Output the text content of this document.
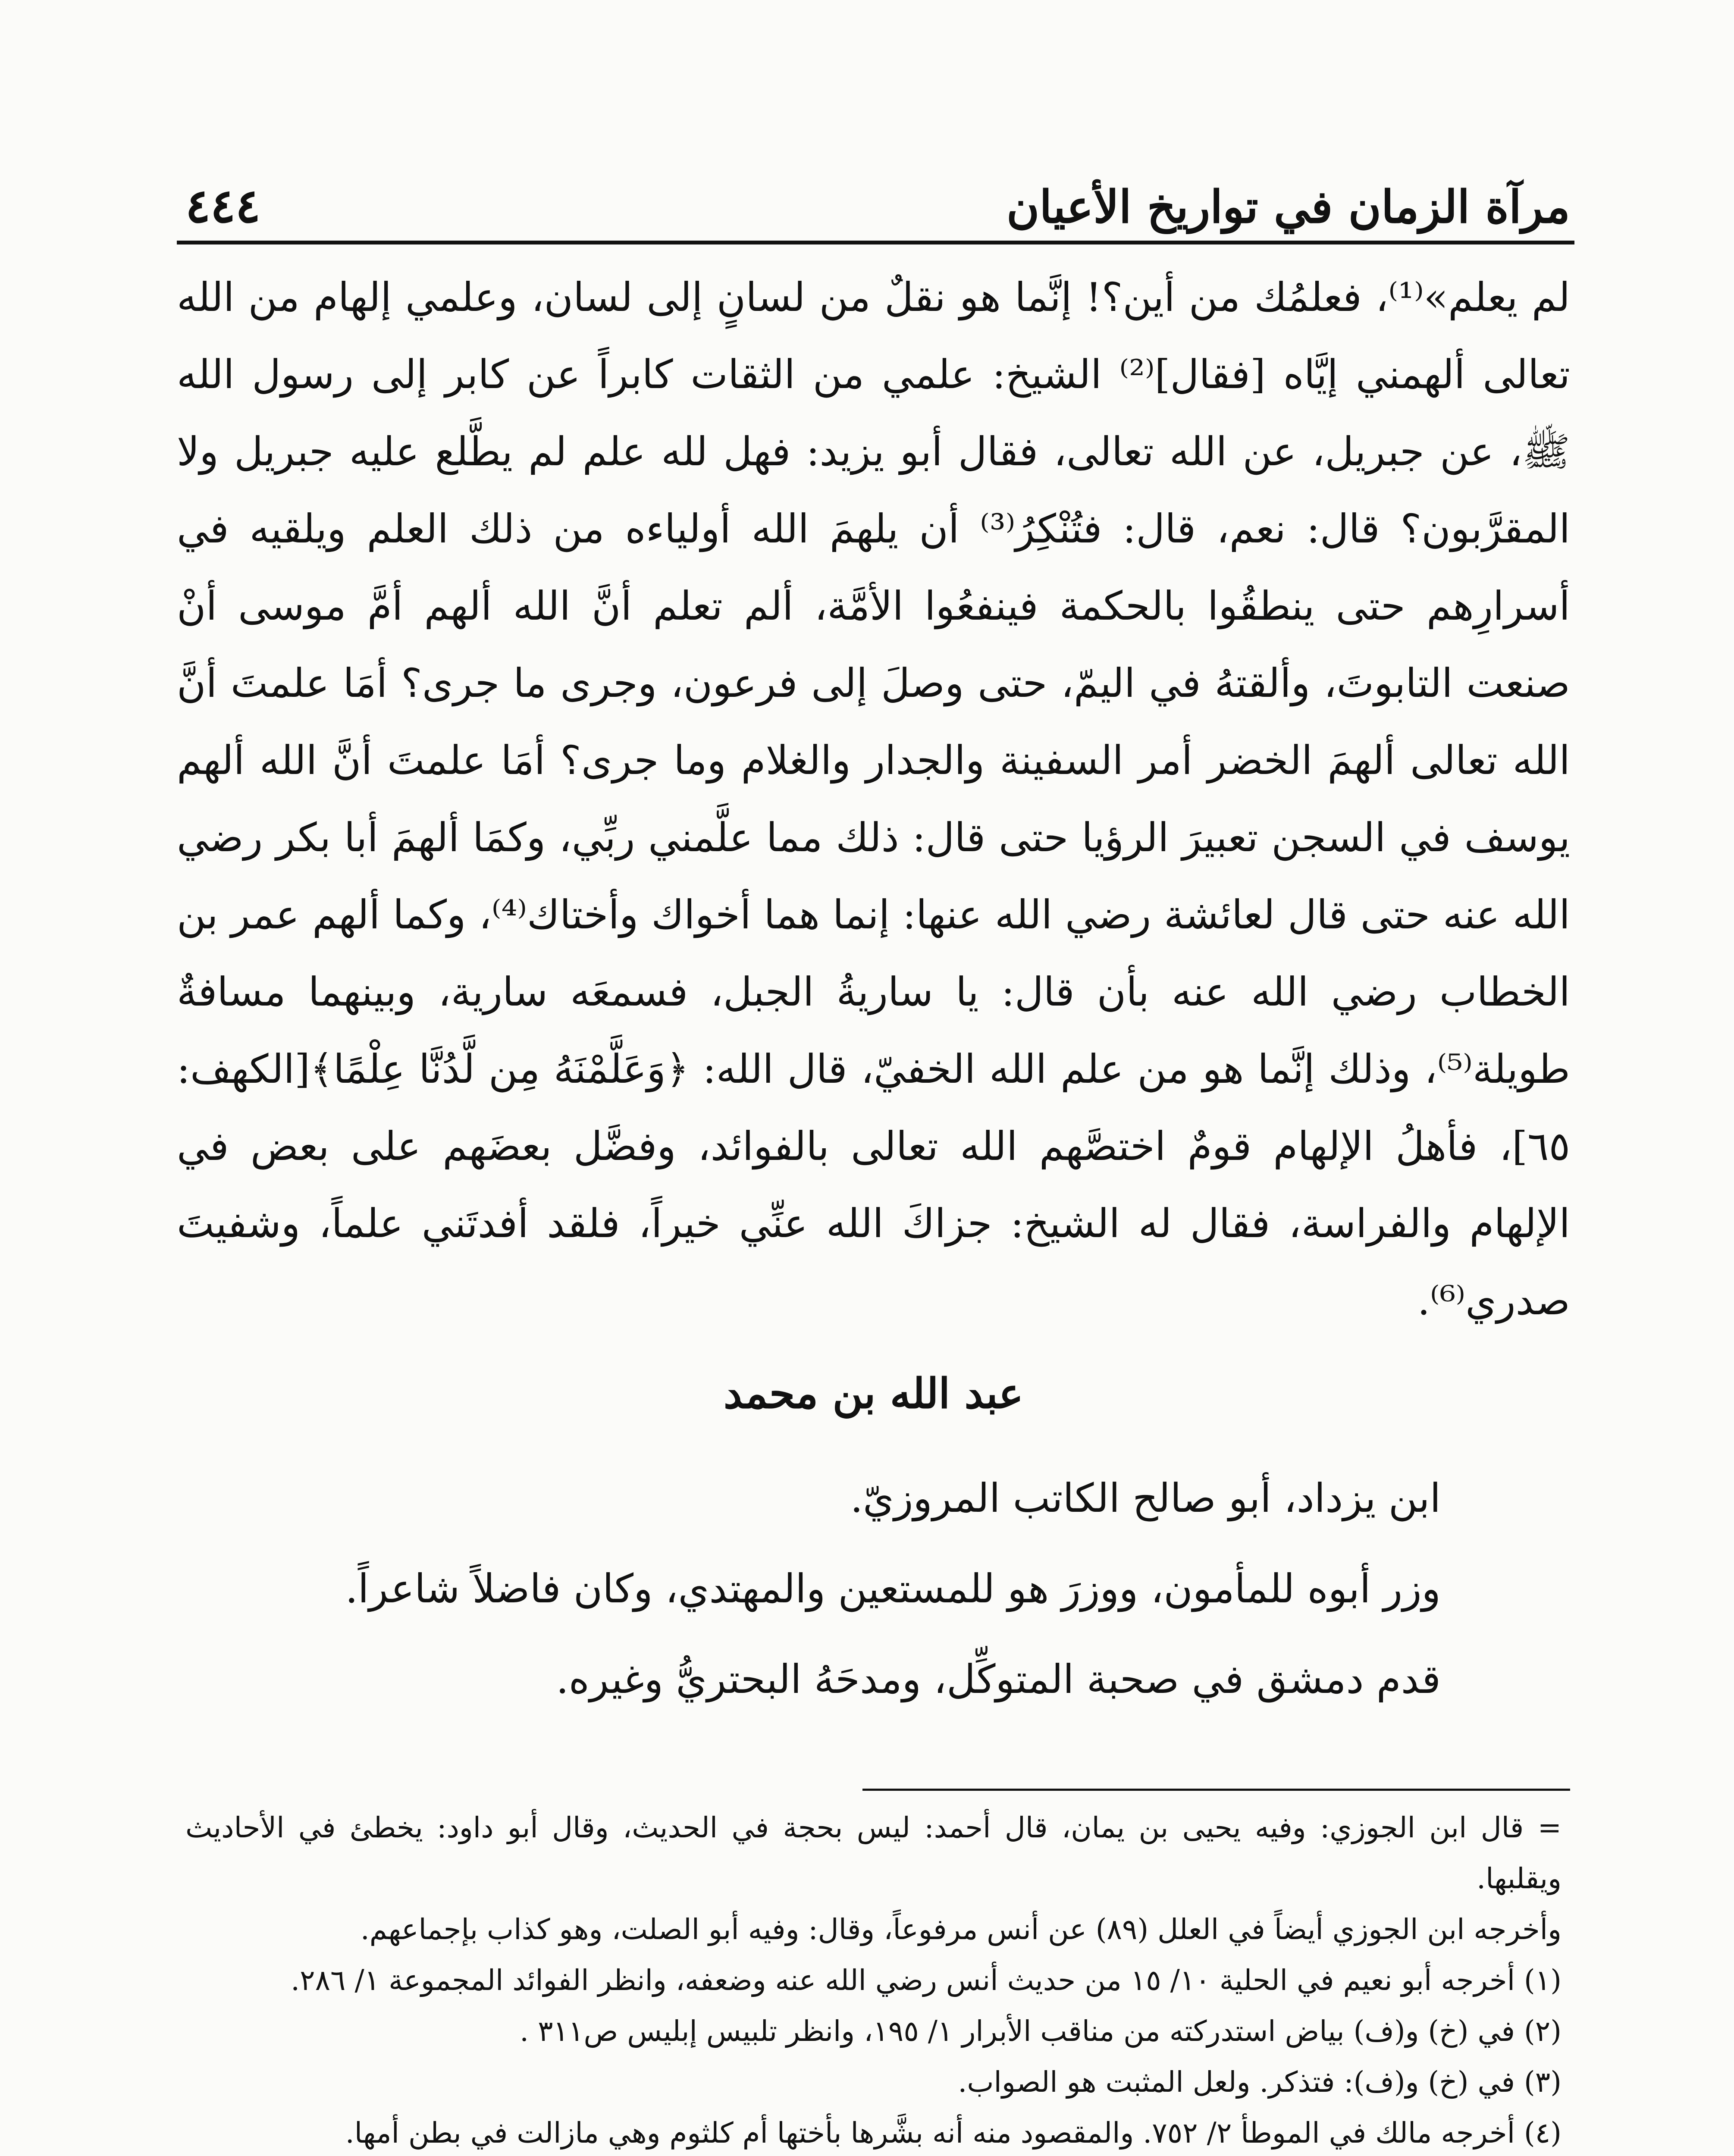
مرآة الزمان في تواريخ الأعيان
٤٤٤

لم يعلم»⁽¹⁾، فعلمُك من أين؟! إنَّما هو نقلٌ من لسانٍ إلى لسان، وعلمي إلهام من الله تعالى ألهمني إيَّاه [فقال]⁽²⁾ الشيخ: علمي من الثقات كابراً عن كابر إلى رسول الله ﷺ، عن جبريل، عن الله تعالى، فقال أبو يزيد: فهل لله علم لم يطَّلع عليه جبريل ولا المقرَّبون؟ قال: نعم، قال: فتُنْكِرُ⁽³⁾ أن يلهمَ الله أولياءه من ذلك العلم ويلقيه في أسرارِهم حتى ينطقُوا بالحكمة فينفعُوا الأمَّة، ألم تعلم أنَّ الله ألهم أمَّ موسى أنْ صنعت التابوتَ، وألقتهُ في اليمّ، حتى وصلَ إلى فرعون، وجرى ما جرى؟ أمَا علمتَ أنَّ الله تعالى ألهمَ الخضر أمر السفينة والجدار والغلام وما جرى؟ أمَا علمتَ أنَّ الله ألهم يوسف في السجن تعبيرَ الرؤيا حتى قال: ذلك مما علَّمني ربِّي، وكمَا ألهمَ أبا بكر رضي الله عنه حتى قال لعائشة رضي الله عنها: إنما هما أخواك وأختاك⁽⁴⁾، وكما ألهم عمر بن الخطاب رضي الله عنه بأن قال: يا ساريةُ الجبل، فسمعَه سارية، وبينهما مسافةٌ طويلة⁽⁵⁾، وذلك إنَّما هو من علم الله الخفيّ، قال الله: ﴿وَعَلَّمْنَهُ مِن لَّدُنَّا عِلْمًا﴾[الكهف: ٦٥]، فأهلُ الإلهام قومٌ اختصَّهم الله تعالى بالفوائد، وفضَّل بعضَهم على بعض في الإلهام والفراسة، فقال له الشيخ: جزاكَ الله عنِّي خيراً، فلقد أفدتَني علماً، وشفيتَ صدري⁽⁶⁾.

عبد الله بن محمد

ابن يزداد، أبو صالح الكاتب المروزيّ.

وزر أبوه للمأمون، ووزرَ هو للمستعين والمهتدي، وكان فاضلاً شاعراً.

قدم دمشق في صحبة المتوكِّل، ومدحَهُ البحتريُّ وغيره.

= قال ابن الجوزي: وفيه يحيى بن يمان، قال أحمد: ليس بحجة في الحديث، وقال أبو داود: يخطئ في الأحاديث ويقلبها.

وأخرجه ابن الجوزي أيضاً في العلل (٨٩) عن أنس مرفوعاً، وقال: وفيه أبو الصلت، وهو كذاب بإجماعهم.

(١) أخرجه أبو نعيم في الحلية ١٠/ ١٥ من حديث أنس رضي الله عنه وضعفه، وانظر الفوائد المجموعة ١/ ٢٨٦.

(٢) في (خ) و(ف) بياض استدركته من مناقب الأبرار ١/ ١٩٥، وانظر تلبيس إبليس ص٣١١ .

(٣) في (خ) و(ف): فتذكر. ولعل المثبت هو الصواب.

(٤) أخرجه مالك في الموطأ ٢/ ٧٥٢. والمقصود منه أنه بشَّرها بأختها أم كلثوم وهي مازالت في بطن أمها.
